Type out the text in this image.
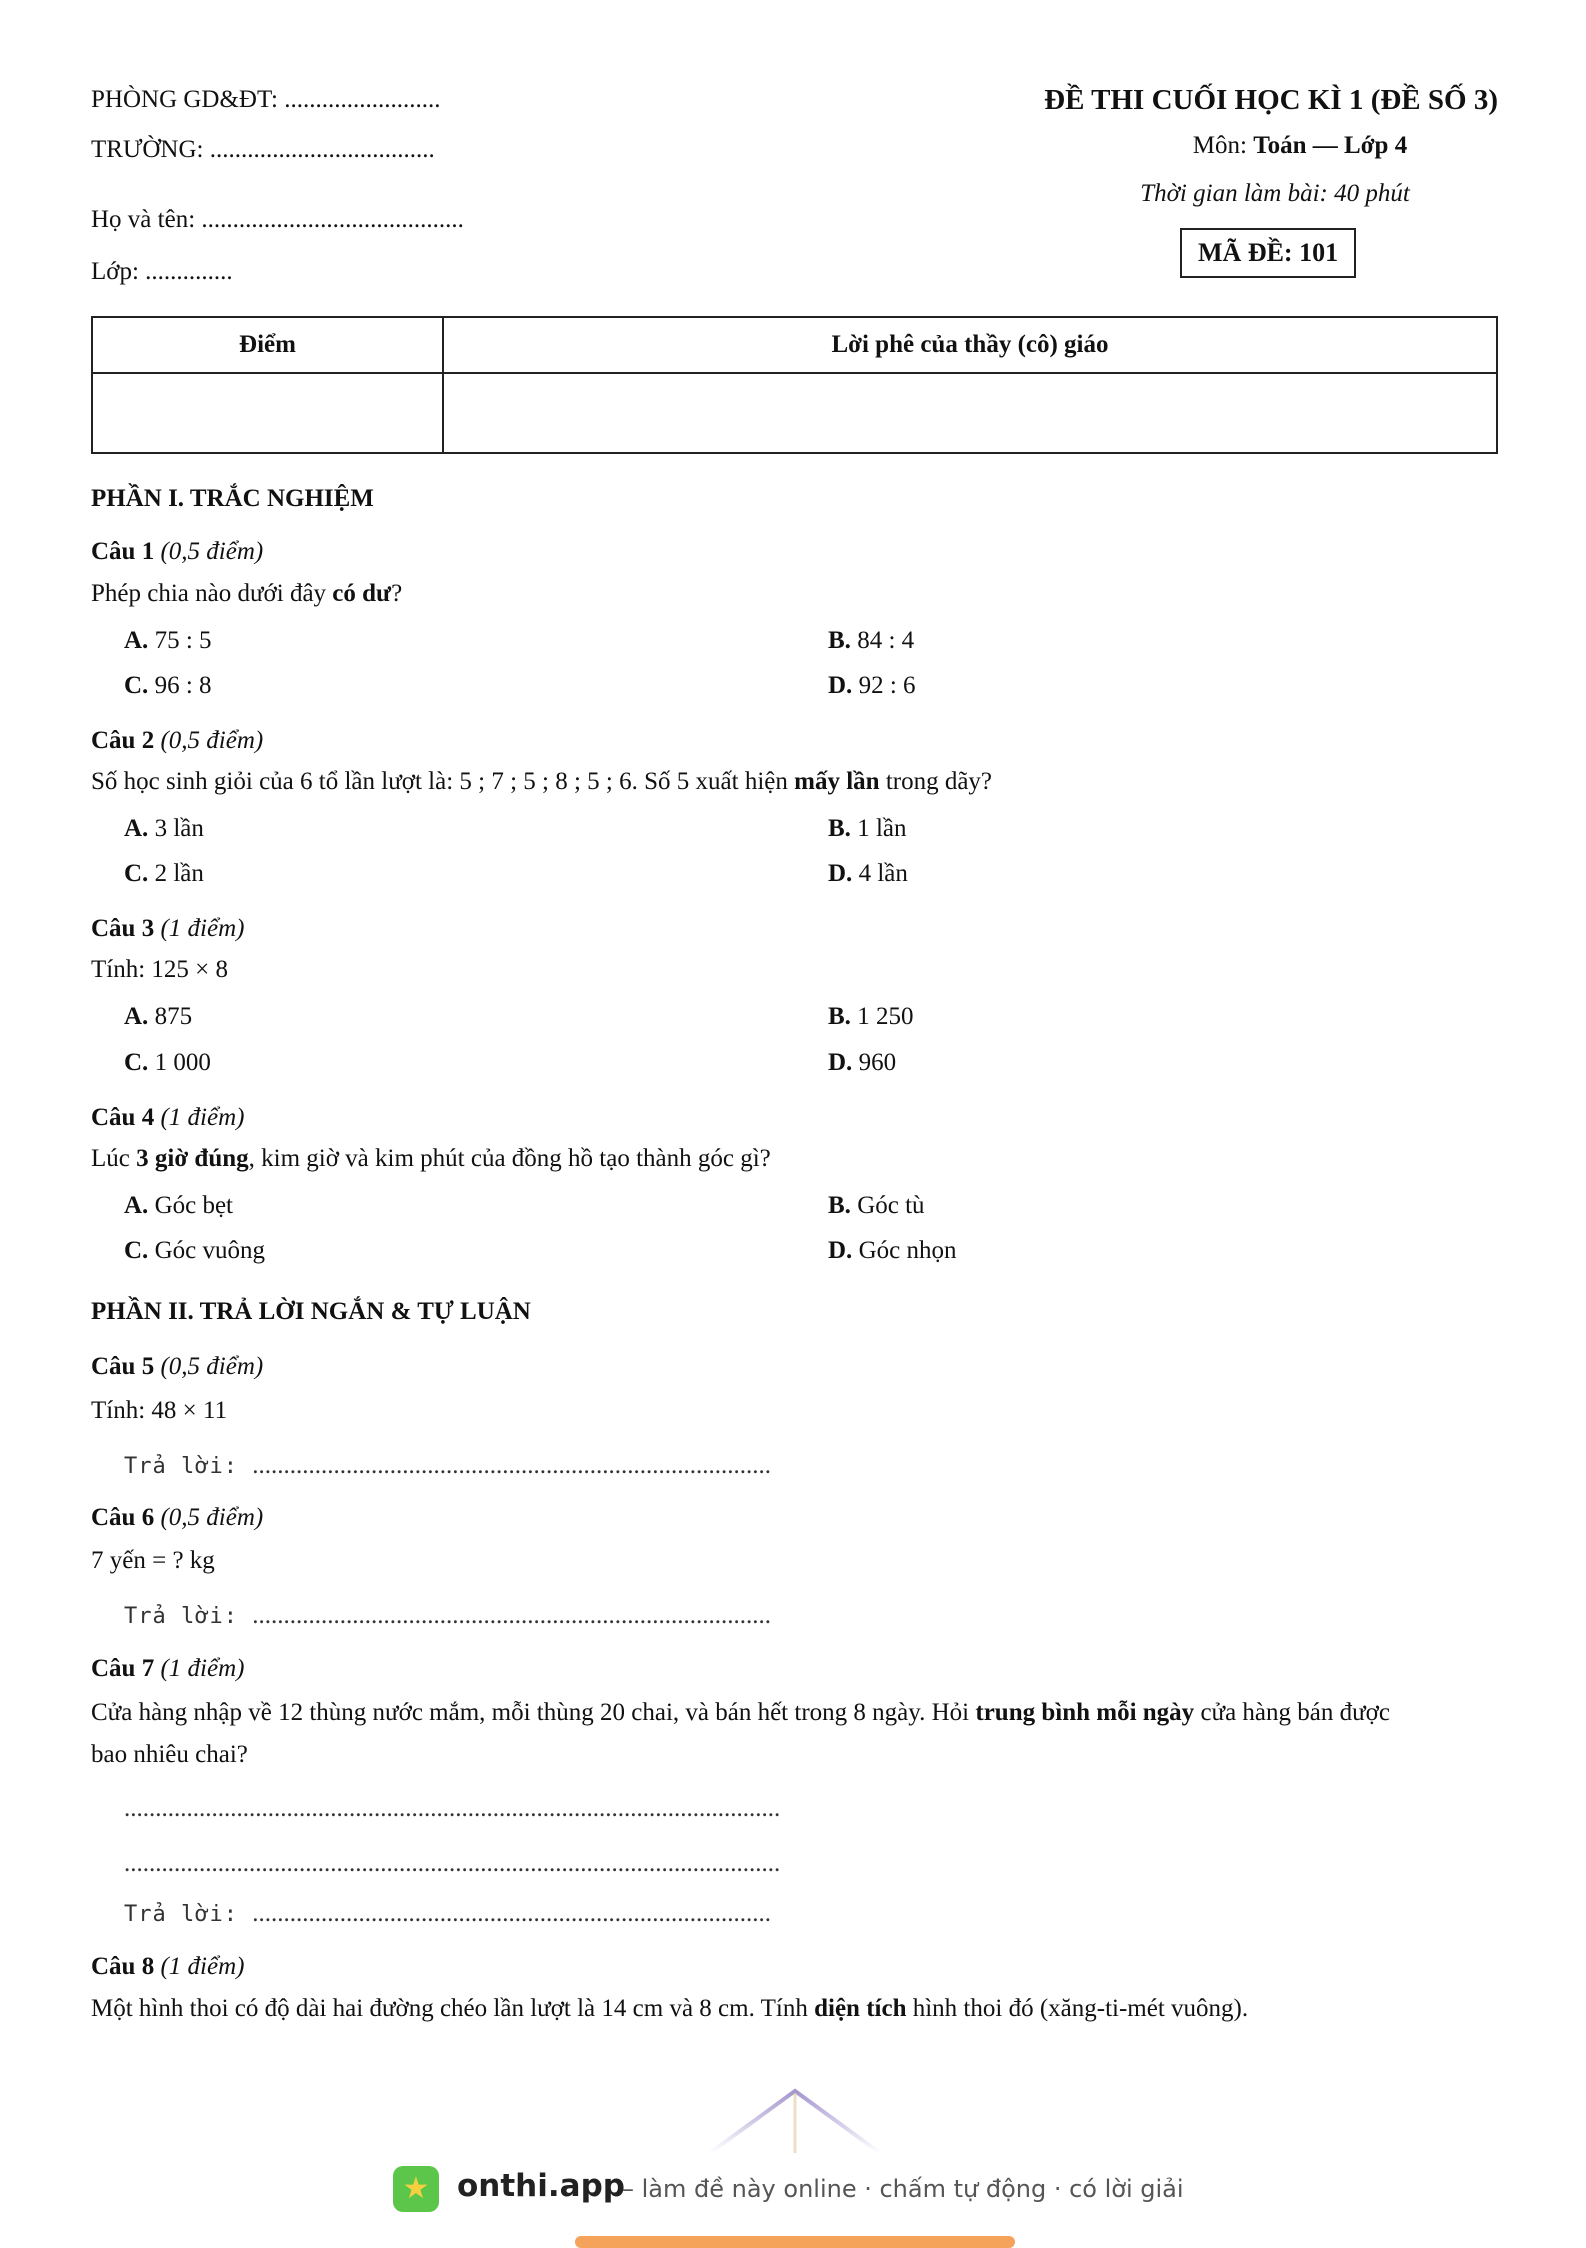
PHÒNG GD&ĐT: .........................
TRƯỜNG: ....................................
Họ và tên: ..........................................
Lớp: ..............
ĐỀ THI CUỐI HỌC KÌ 1 (ĐỀ SỐ 3)
Môn: Toán — Lớp 4
Thời gian làm bài: 40 phút
MÃ ĐỀ: 101
Điểm	Lời phê của thầy (cô) giáo

PHẦN I. TRẮC NGHIỆM
Câu 1 (0,5 điểm)
Phép chia nào dưới đây có dư?
A. 75 : 5	B. 84 : 4
C. 96 : 8	D. 92 : 6
Câu 2 (0,5 điểm)
Số học sinh giỏi của 6 tổ lần lượt là: 5 ; 7 ; 5 ; 8 ; 5 ; 6. Số 5 xuất hiện mấy lần trong dãy?
A. 3 lần	B. 1 lần
C. 2 lần	D. 4 lần
Câu 3 (1 điểm)
Tính: 125 × 8
A. 875	B. 1 250
C. 1 000	D. 960
Câu 4 (1 điểm)
Lúc 3 giờ đúng, kim giờ và kim phút của đồng hồ tạo thành góc gì?
A. Góc bẹt	B. Góc tù
C. Góc vuông	D. Góc nhọn
PHẦN II. TRẢ LỜI NGẮN & TỰ LUẬN
Câu 5 (0,5 điểm)
Tính: 48 × 11
Trả lời: ...................................................................................
Câu 6 (0,5 điểm)
7 yến = ? kg
Trả lời: ...................................................................................
Câu 7 (1 điểm)
Cửa hàng nhập về 12 thùng nước mắm, mỗi thùng 20 chai, và bán hết trong 8 ngày. Hỏi trung bình mỗi ngày cửa hàng bán được
bao nhiêu chai?
.........................................................................................................
.........................................................................................................
Trả lời: ...................................................................................
Câu 8 (1 điểm)
Một hình thoi có độ dài hai đường chéo lần lượt là 14 cm và 8 cm. Tính diện tích hình thoi đó (xăng-ti-mét vuông).
★ onthi.app
– làm đề này online · chấm tự động · có lời giải
